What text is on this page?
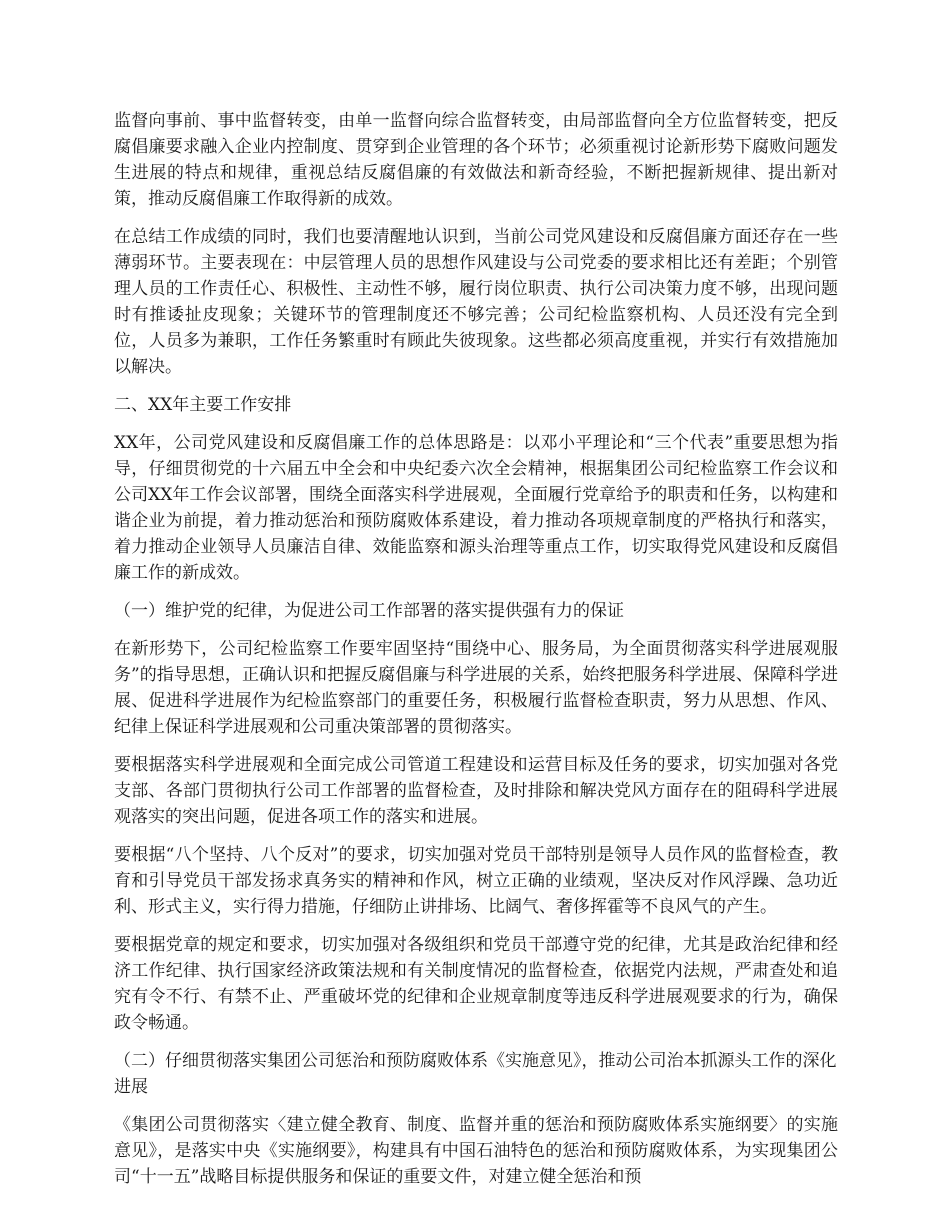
监督向事前、事中监督转变，由单一监督向综合监督转变，由局部监督向全方位监督转变，把反腐倡廉要求融入企业内控制度、贯穿到企业管理的各个环节；必须重视讨论新形势下腐败问题发生进展的特点和规律，重视总结反腐倡廉的有效做法和新奇经验，不断把握新规律、提出新对策，推动反腐倡廉工作取得新的成效。

在总结工作成绩的同时，我们也要清醒地认识到，当前公司党风建设和反腐倡廉方面还存在一些薄弱环节。主要表现在：中层管理人员的思想作风建设与公司党委的要求相比还有差距；个别管理人员的工作责任心、积极性、主动性不够，履行岗位职责、执行公司决策力度不够，出现问题时有推诿扯皮现象；关键环节的管理制度还不够完善；公司纪检监察机构、人员还没有完全到位，人员多为兼职，工作任务繁重时有顾此失彼现象。这些都必须高度重视，并实行有效措施加以解决。

二、XX年主要工作安排

XX年，公司党风建设和反腐倡廉工作的总体思路是：以邓小平理论和“三个代表”重要思想为指导，仔细贯彻党的十六届五中全会和中央纪委六次全会精神，根据集团公司纪检监察工作会议和公司XX年工作会议部署，围绕全面落实科学进展观，全面履行党章给予的职责和任务，以构建和谐企业为前提，着力推动惩治和预防腐败体系建设，着力推动各项规章制度的严格执行和落实，着力推动企业领导人员廉洁自律、效能监察和源头治理等重点工作，切实取得党风建设和反腐倡廉工作的新成效。

（一）维护党的纪律，为促进公司工作部署的落实提供强有力的保证

在新形势下，公司纪检监察工作要牢固坚持“围绕中心、服务局，为全面贯彻落实科学进展观服务”的指导思想，正确认识和把握反腐倡廉与科学进展的关系，始终把服务科学进展、保障科学进展、促进科学进展作为纪检监察部门的重要任务，积极履行监督检查职责，努力从思想、作风、纪律上保证科学进展观和公司重决策部署的贯彻落实。

要根据落实科学进展观和全面完成公司管道工程建设和运营目标及任务的要求，切实加强对各党支部、各部门贯彻执行公司工作部署的监督检查，及时排除和解决党风方面存在的阻碍科学进展观落实的突出问题，促进各项工作的落实和进展。

要根据“八个坚持、八个反对”的要求，切实加强对党员干部特别是领导人员作风的监督检查，教育和引导党员干部发扬求真务实的精神和作风，树立正确的业绩观，坚决反对作风浮躁、急功近利、形式主义，实行得力措施，仔细防止讲排场、比阔气、奢侈挥霍等不良风气的产生。

要根据党章的规定和要求，切实加强对各级组织和党员干部遵守党的纪律，尤其是政治纪律和经济工作纪律、执行国家经济政策法规和有关制度情况的监督检查，依据党内法规，严肃查处和追究有令不行、有禁不止、严重破坏党的纪律和企业规章制度等违反科学进展观要求的行为，确保政令畅通。

（二）仔细贯彻落实集团公司惩治和预防腐败体系《实施意见》，推动公司治本抓源头工作的深化进展

《集团公司贯彻落实〈建立健全教育、制度、监督并重的惩治和预防腐败体系实施纲要〉的实施意见》，是落实中央《实施纲要》，构建具有中国石油特色的惩治和预防腐败体系，为实现集团公司“十一五”战略目标提供服务和保证的重要文件，对建立健全惩治和预
